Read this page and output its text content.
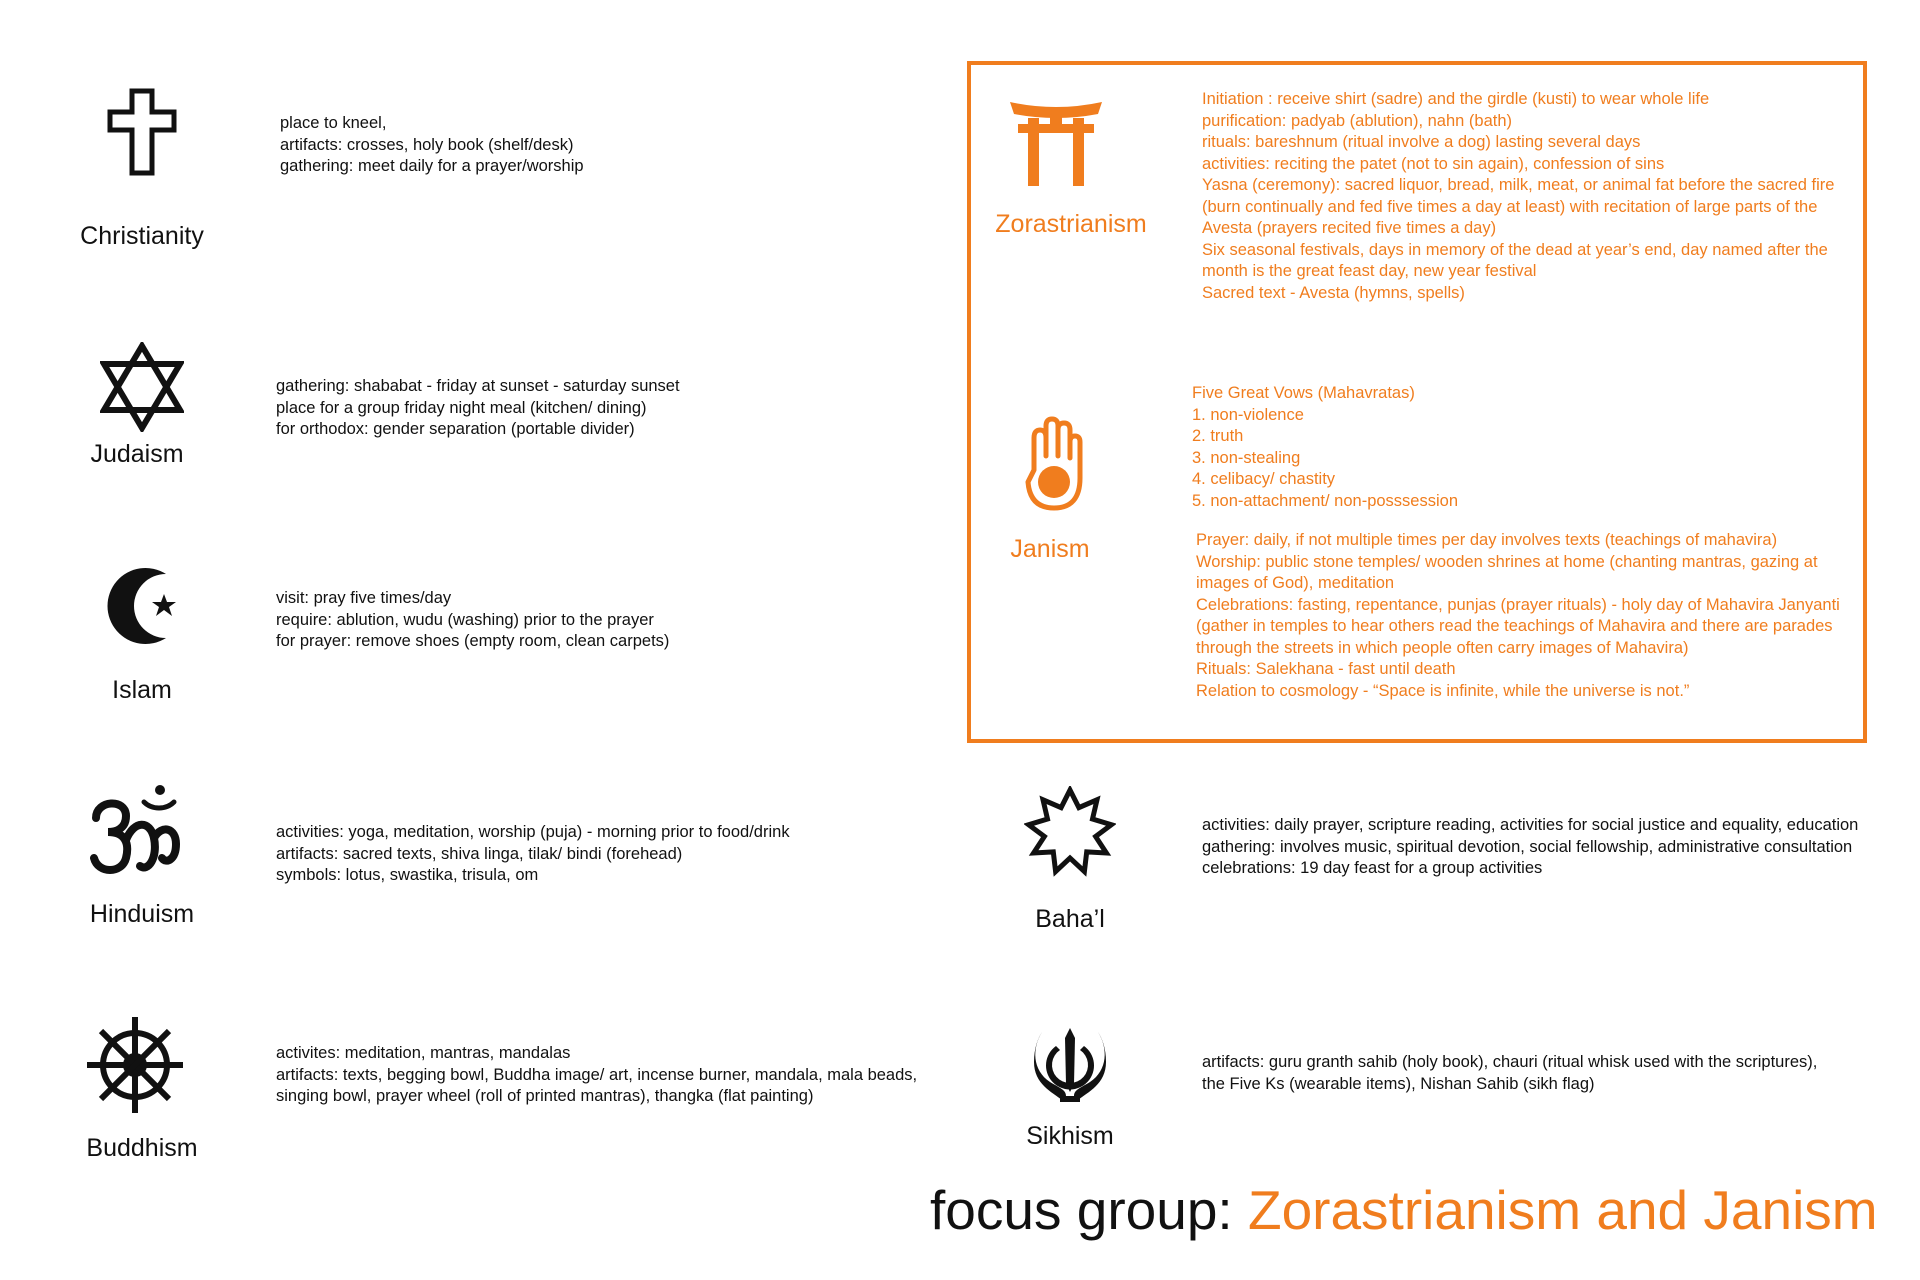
Christianity
place to kneel,
artifacts: crosses, holy book (shelf/desk)
gathering: meet daily for a prayer/worship
Judaism
gathering: shababat - friday at sunset - saturday sunset
place for a group friday night meal (kitchen/ dining)
for orthodox: gender separation (portable divider)
Islam
visit: pray five times/day
require: ablution, wudu (washing) prior to the prayer
for prayer: remove shoes (empty room, clean carpets)
Hinduism
activities: yoga, meditation, worship (puja) - morning prior to food/drink
artifacts: sacred texts, shiva linga, tilak/ bindi (forehead)
symbols: lotus, swastika, trisula, om
Buddhism
activites: meditation, mantras, mandalas
artifacts: texts, begging bowl, Buddha image/ art, incense burner, mandala, mala beads,
singing bowl, prayer wheel (roll of printed mantras), thangka (flat painting)
Zorastrianism
Initiation : receive shirt (sadre) and the girdle (kusti) to wear whole life
purification: padyab (ablution), nahn (bath)
rituals: bareshnum (ritual involve a dog) lasting several days
activities: reciting the patet (not to sin again), confession of sins
Yasna (ceremony): sacred liquor, bread, milk, meat, or animal fat before the sacred fire
(burn continually and fed five times a day at least) with recitation of large parts of the
Avesta (prayers recited five times a day)
Six seasonal festivals, days in memory of the dead at year’s end, day named after the
month is the great feast day, new year festival
Sacred text - Avesta (hymns, spells)
Janism
Five Great Vows (Mahavratas)
1. non-violence
2. truth
3. non-stealing
4. celibacy/ chastity
5. non-attachment/ non-posssession
Prayer: daily, if not multiple times per day involves texts (teachings of mahavira)
Worship: public stone temples/ wooden shrines at home (chanting mantras, gazing at
images of God), meditation
Celebrations: fasting, repentance, punjas (prayer rituals) - holy day of Mahavira Janyanti
(gather in temples to hear others read the teachings of Mahavira and there are parades
through the streets in which people often carry images of Mahavira)
Rituals: Salekhana - fast until death
Relation to cosmology - “Space is infinite, while the universe is not.”
Baha’l
activities: daily prayer, scripture reading, activities for social justice and equality, education
gathering: involves music, spiritual devotion, social fellowship, administrative consultation
celebrations: 19 day feast for a group activities
Sikhism
artifacts: guru granth sahib (holy book), chauri (ritual whisk used with the scriptures),
the Five Ks (wearable items), Nishan Sahib (sikh flag)
focus group: Zorastrianism and Janism
